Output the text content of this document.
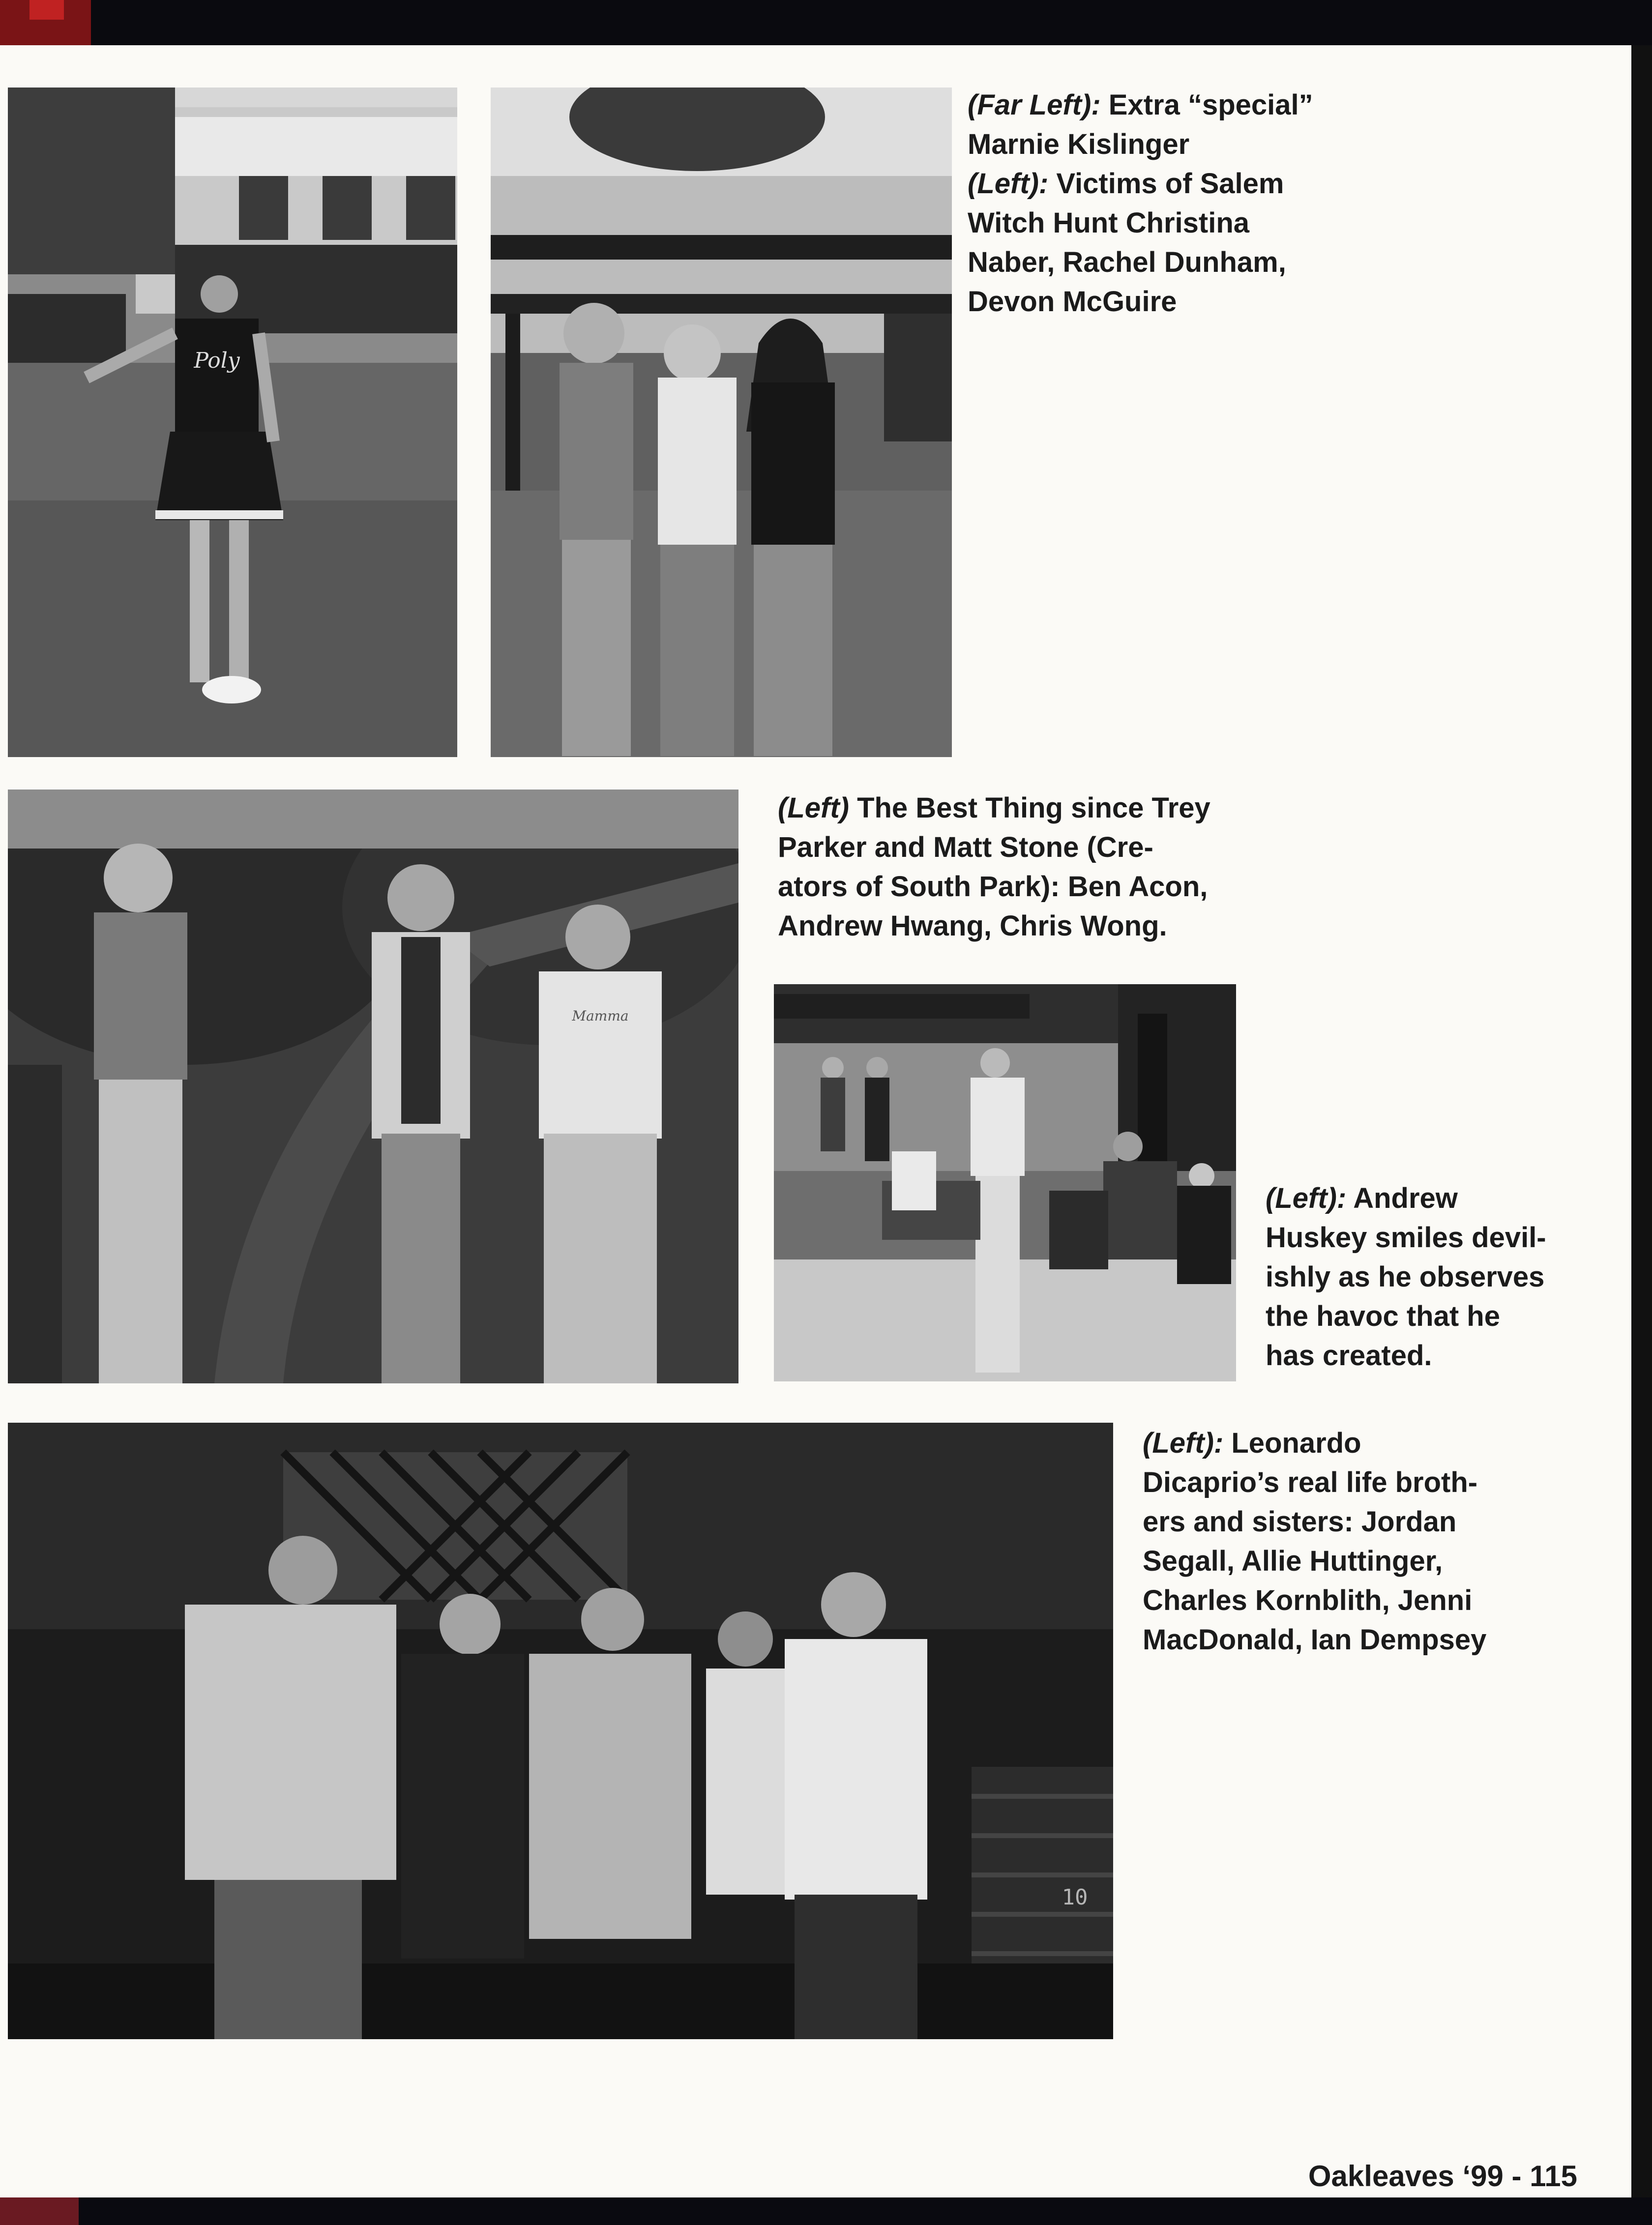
Poly
(Far Left): Extra “special”
Marnie Kislinger
(Left): Victims of Salem
Witch Hunt Christina
Naber, Rachel Dunham,
Devon McGuire
Mamma
(Left) The Best Thing since Trey
Parker and Matt Stone (Cre-
ators of South Park): Ben Acon,
Andrew Hwang, Chris Wong.
(Left): Andrew
Huskey smiles devil-
ishly as he observes
the havoc that he
has created.
10
(Left): Leonardo
Dicaprio’s real life broth-
ers and sisters: Jordan
Segall, Allie Huttinger,
Charles Kornblith, Jenni
MacDonald, Ian Dempsey
Oakleaves ‘99 - 115
